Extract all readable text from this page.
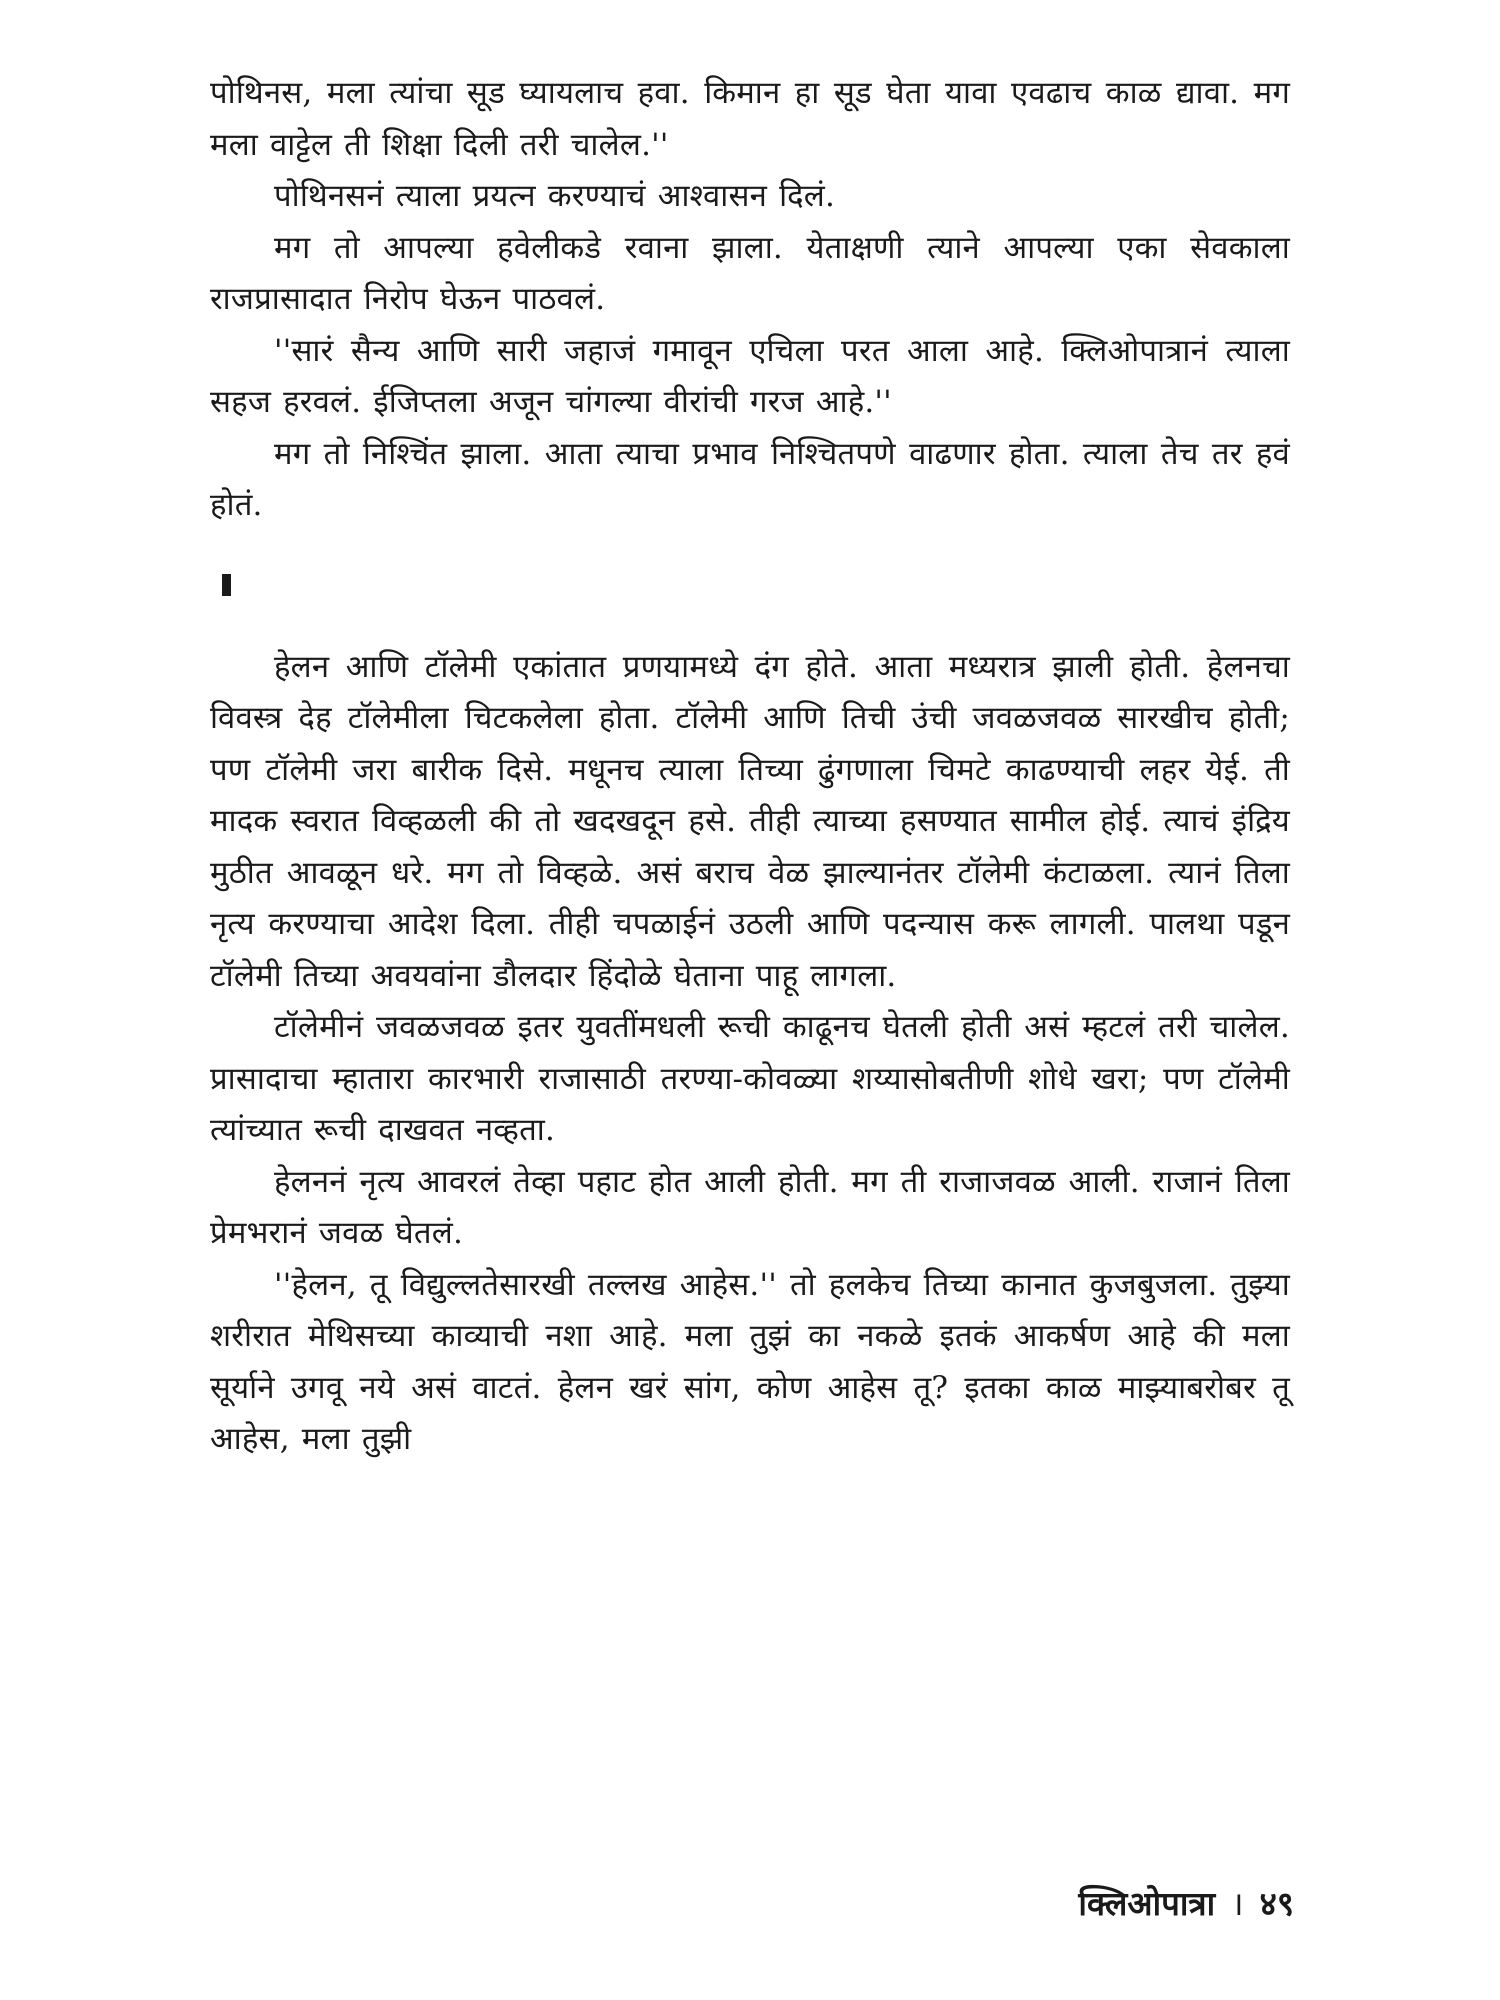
पोथिनस, मला त्यांचा सूड घ्यायलाच हवा. किमान हा सूड घेता यावा एवढाच काळ द्यावा. मग मला वाट्टेल ती शिक्षा दिली तरी चालेल.''

पोथिनसनं त्याला प्रयत्न करण्याचं आश्वासन दिलं.

मग तो आपल्या हवेलीकडे रवाना झाला. येताक्षणी त्याने आपल्या एका सेवकाला राजप्रासादात निरोप घेऊन पाठवलं.

''सारं सैन्य आणि सारी जहाजं गमावून एचिला परत आला आहे. क्लिओपात्रानं त्याला सहज हरवलं. ईजिप्तला अजून चांगल्या वीरांची गरज आहे.''

मग तो निश्चिंत झाला. आता त्याचा प्रभाव निश्चितपणे वाढणार होता. त्याला तेच तर हवं होतं.

हेलन आणि टॉलेमी एकांतात प्रणयामध्ये दंग होते. आता मध्यरात्र झाली होती. हेलनचा विवस्त्र देह टॉलेमीला चिटकलेला होता. टॉलेमी आणि तिची उंची जवळजवळ सारखीच होती; पण टॉलेमी जरा बारीक दिसे. मधूनच त्याला तिच्या ढुंगणाला चिमटे काढण्याची लहर येई. ती मादक स्वरात विव्हळली की तो खदखदून हसे. तीही त्याच्या हसण्यात सामील होई. त्याचं इंद्रिय मुठीत आवळून धरे. मग तो विव्हळे. असं बराच वेळ झाल्यानंतर टॉलेमी कंटाळला. त्यानं तिला नृत्य करण्याचा आदेश दिला. तीही चपळाईनं उठली आणि पदन्यास करू लागली. पालथा पडून टॉलेमी तिच्या अवयवांना डौलदार हिंदोळे घेताना पाहू लागला.

टॉलेमीनं जवळजवळ इतर युवतींमधली रूची काढूनच घेतली होती असं म्हटलं तरी चालेल. प्रासादाचा म्हातारा कारभारी राजासाठी तरण्या-कोवळ्या शय्यासोबतीणी शोधे खरा; पण टॉलेमी त्यांच्यात रूची दाखवत नव्हता.

हेलननं नृत्य आवरलं तेव्हा पहाट होत आली होती. मग ती राजाजवळ आली. राजानं तिला प्रेमभरानं जवळ घेतलं.

''हेलन, तू विद्युल्लतेसारखी तल्लख आहेस.'' तो हलकेच तिच्या कानात कुजबुजला. तुझ्या शरीरात मेथिसच्या काव्याची नशा आहे. मला तुझं का नकळे इतकं आकर्षण आहे की मला सूर्याने उगवू नये असं वाटतं. हेलन खरं सांग, कोण आहेस तू? इतका काळ माझ्याबरोबर तू आहेस, मला तुझी

क्लिओपात्रा । ४९
